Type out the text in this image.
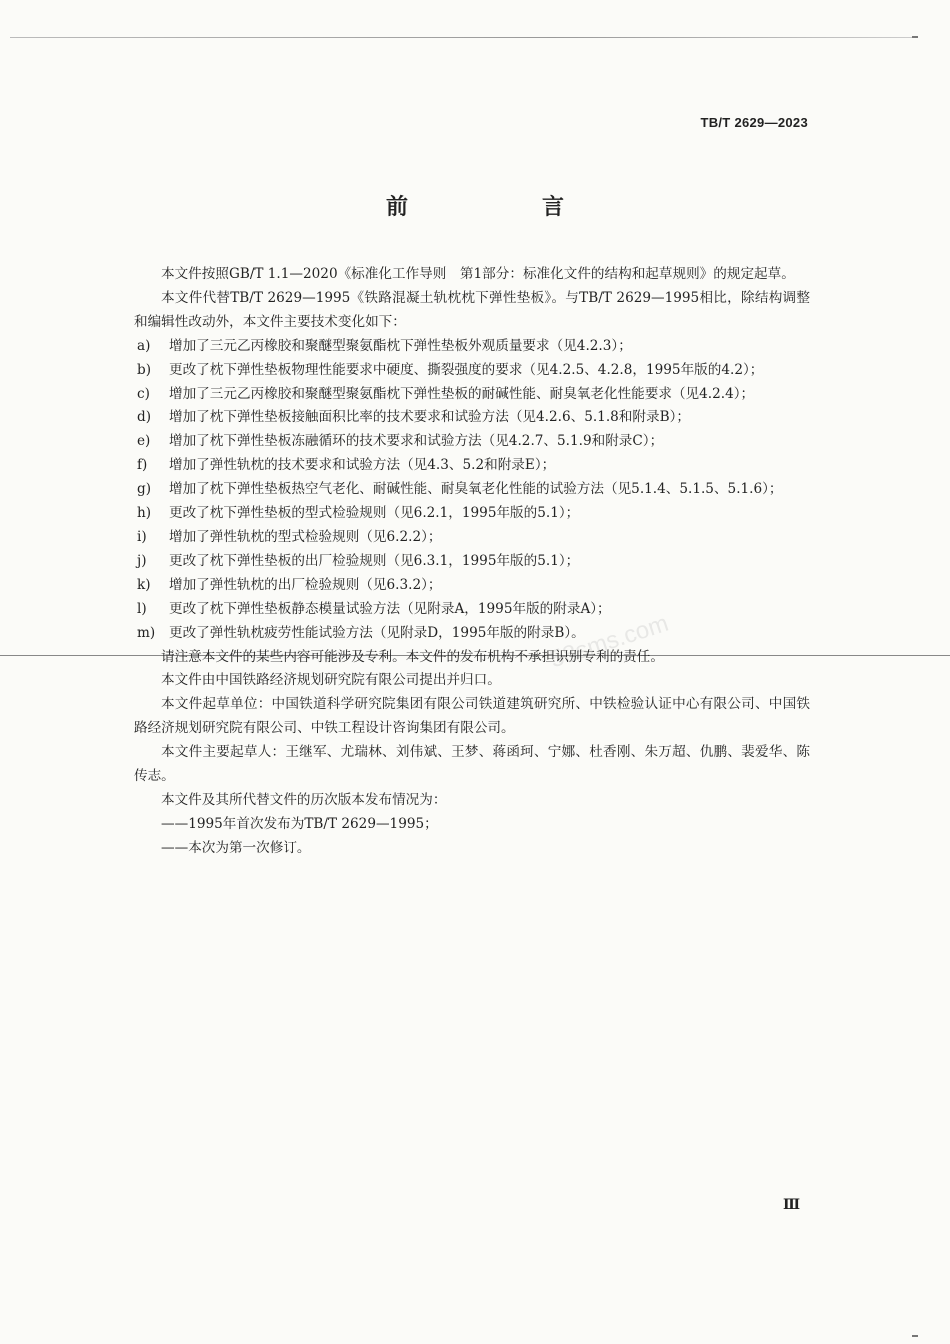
TB/T 2629—2023
前　　言
58sms.com

本文件按照GB/T 1.1—2020《标准化工作导则　第1部分：标准化文件的结构和起草规则》的规定起草。

本文件代替TB/T 2629—1995《铁路混凝土轨枕枕下弹性垫板》。与TB/T 2629—1995相比，除结构调整和编辑性改动外，本文件主要技术变化如下：

a) 增加了三元乙丙橡胶和聚醚型聚氨酯枕下弹性垫板外观质量要求（见4.2.3）；
b) 更改了枕下弹性垫板物理性能要求中硬度、撕裂强度的要求（见4.2.5、4.2.8，1995年版的4.2）；
c) 增加了三元乙丙橡胶和聚醚型聚氨酯枕下弹性垫板的耐碱性能、耐臭氧老化性能要求（见4.2.4）；
d) 增加了枕下弹性垫板接触面积比率的技术要求和试验方法（见4.2.6、5.1.8和附录B）；
e) 增加了枕下弹性垫板冻融循环的技术要求和试验方法（见4.2.7、5.1.9和附录C）；
f) 增加了弹性轨枕的技术要求和试验方法（见4.3、5.2和附录E）；
g) 增加了枕下弹性垫板热空气老化、耐碱性能、耐臭氧老化性能的试验方法（见5.1.4、5.1.5、5.1.6）；
h) 更改了枕下弹性垫板的型式检验规则（见6.2.1，1995年版的5.1）；
i) 增加了弹性轨枕的型式检验规则（见6.2.2）；
j) 更改了枕下弹性垫板的出厂检验规则（见6.3.1，1995年版的5.1）；
k) 增加了弹性轨枕的出厂检验规则（见6.3.2）；
l) 更改了枕下弹性垫板静态模量试验方法（见附录A，1995年版的附录A）；
m) 更改了弹性轨枕疲劳性能试验方法（见附录D，1995年版的附录B）。

请注意本文件的某些内容可能涉及专利。本文件的发布机构不承担识别专利的责任。

本文件由中国铁路经济规划研究院有限公司提出并归口。

本文件起草单位：中国铁道科学研究院集团有限公司铁道建筑研究所、中铁检验认证中心有限公司、中国铁路经济规划研究院有限公司、中铁工程设计咨询集团有限公司。

本文件主要起草人：王继军、尤瑞林、刘伟斌、王梦、蒋函珂、宁娜、杜香刚、朱万超、仇鹏、裴爱华、陈传志。

本文件及其所代替文件的历次版本发布情况为：

——1995年首次发布为TB/T 2629—1995；

——本次为第一次修订。

Ⅲ
